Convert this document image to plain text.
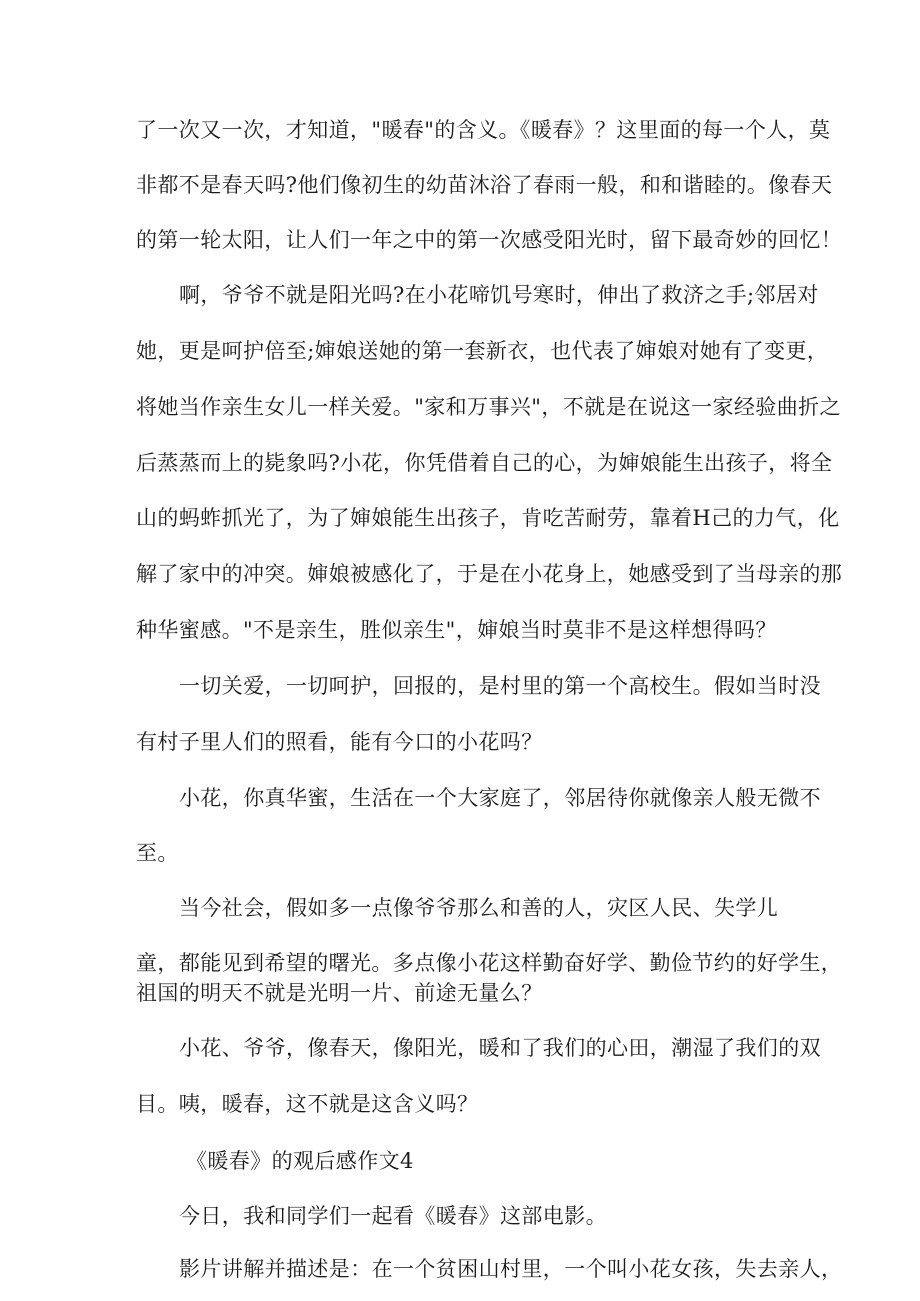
了一次又一次，才知道，"暖春"的含义。《暖春》？这里面的每一个人，莫
非都不是春天吗?他们像初生的幼苗沐浴了春雨一般，和和谐睦的。像春天
的第一轮太阳，让人们一年之中的第一次感受阳光时，留下最奇妙的回忆！
啊，爷爷不就是阳光吗?在小花啼饥号寒时，伸出了救济之手;邻居对
她，更是呵护倍至;婶娘送她的第一套新衣，也代表了婶娘对她有了变更，
将她当作亲生女儿一样关爱。"家和万事兴"，不就是在说这一家经验曲折之
后蒸蒸而上的毙象吗?小花，你凭借着自己的心，为婶娘能生出孩子，将全
山的蚂蚱抓光了，为了婶娘能生出孩子，肯吃苦耐劳，靠着H己的力气，化
解了家中的冲突。婶娘被感化了，于是在小花身上，她感受到了当母亲的那
种华蜜感。"不是亲生，胜似亲生"，婶娘当时莫非不是这样想得吗？
一切关爱，一切呵护，回报的，是村里的第一个高校生。假如当时没
有村子里人们的照看，能有今口的小花吗？
小花，你真华蜜，生活在一个大家庭了，邻居待你就像亲人般无微不
至。
当今社会，假如多一点像爷爷那么和善的人，灾区人民、失学儿
童，都能见到希望的曙光。多点像小花这样勤奋好学、勤俭节约的好学生，
祖国的明天不就是光明一片、前途无量么？
小花、爷爷，像春天，像阳光，暖和了我们的心田，潮湿了我们的双
目。咦，暖春，这不就是这含义吗？
《暖春》的观后感作文4
今日，我和同学们一起看《暖春》这部电影。
影片讲解并描述是：在一个贫困山村里，一个叫小花女孩，失去亲人，
